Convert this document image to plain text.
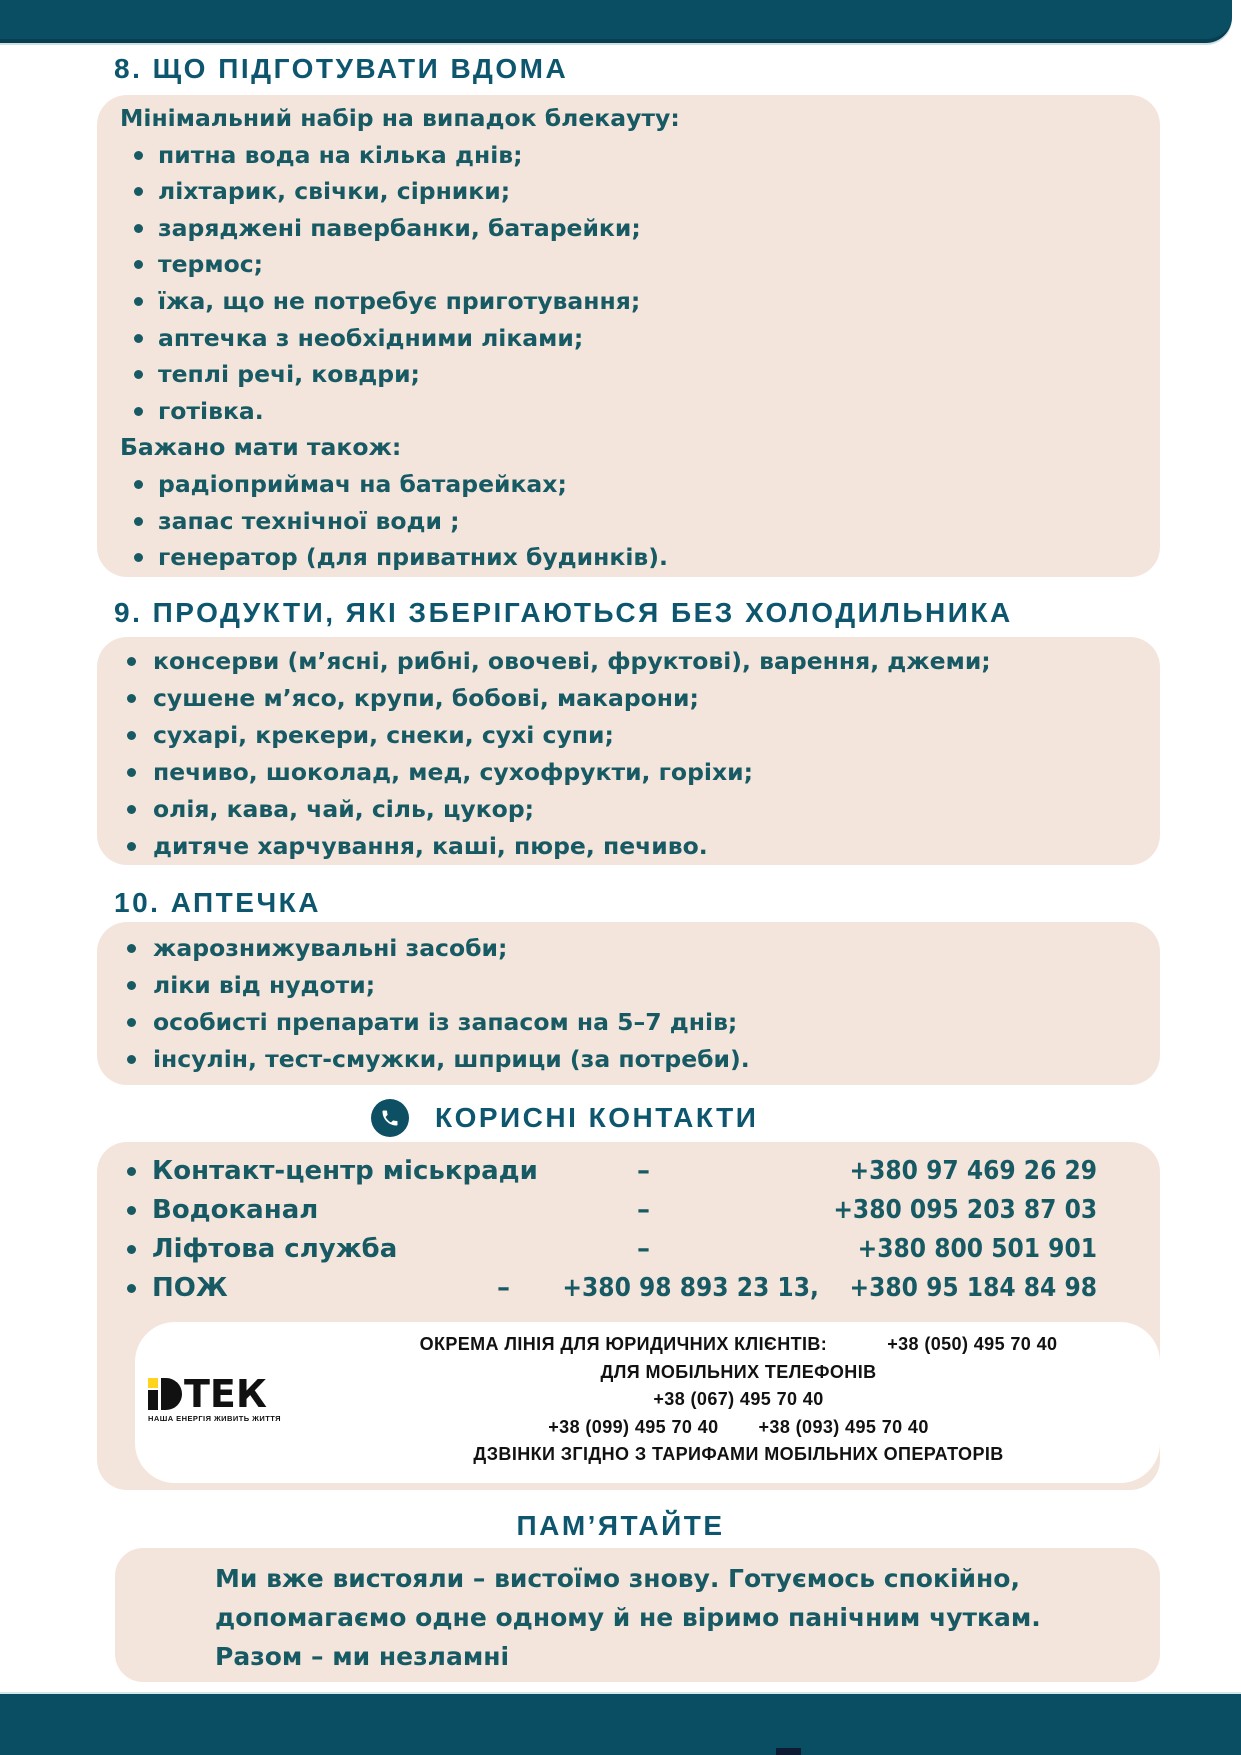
8. ЩО ПІДГОТУВАТИ ВДОМА
Мінімальний набір на випадок блекауту:
питна вода на кілька днів;
ліхтарик, свічки, сірники;
заряджені павербанки, батарейки;
термос;
їжа, що не потребує приготування;
аптечка з необхідними ліками;
теплі речі, ковдри;
готівка.
Бажано мати також:
радіоприймач на батарейках;
запас технічної води ;
генератор (для приватних будинків).
9. ПРОДУКТИ, ЯКІ ЗБЕРІГАЮТЬСЯ БЕЗ ХОЛОДИЛЬНИКА
консерви (м’ясні, рибні, овочеві, фруктові), варення, джеми;
сушене м’ясо, крупи, бобові, макарони;
сухарі, крекери, снеки, сухі супи;
печиво, шоколад, мед, сухофрукти, горіхи;
олія, кава, чай, сіль, цукор;
дитяче харчування, каші, пюре, печиво.
10. АПТЕЧКА
жарознижувальні засоби;
ліки від нудоти;
особисті препарати із запасом на 5–7 днів;
інсулін, тест-смужки, шприци (за потреби).
КОРИСНІ КОНТАКТИ
Контакт-центр міськради	–	+380 97 469 26 29
Водоканал	–	+380 095 203 87 03
Ліфтова служба	–	+380 800 501 901
ПОЖ	– +380 98 893 23 13, +380 95 184 84 98
ТЕК
НАША ЕНЕРГІЯ ЖИВИТЬ ЖИТТЯ
ОКРЕМА ЛІНІЯ ДЛЯ ЮРИДИЧНИХ КЛІЄНТІВ:	+38 (050) 495 70 40
ДЛЯ МОБІЛЬНИХ ТЕЛЕФОНІВ
+38 (067) 495 70 40
+38 (099) 495 70 40 +38 (093) 495 70 40
ДЗВІНКИ ЗГІДНО З ТАРИФАМИ МОБІЛЬНИХ ОПЕРАТОРІВ
ПАМ’ЯТАЙТЕ
Ми вже вистояли – вистоїмо знову. Готуємось спокійно,
допомагаємо одне одному й не віримо панічним чуткам.
Разом – ми незламні
